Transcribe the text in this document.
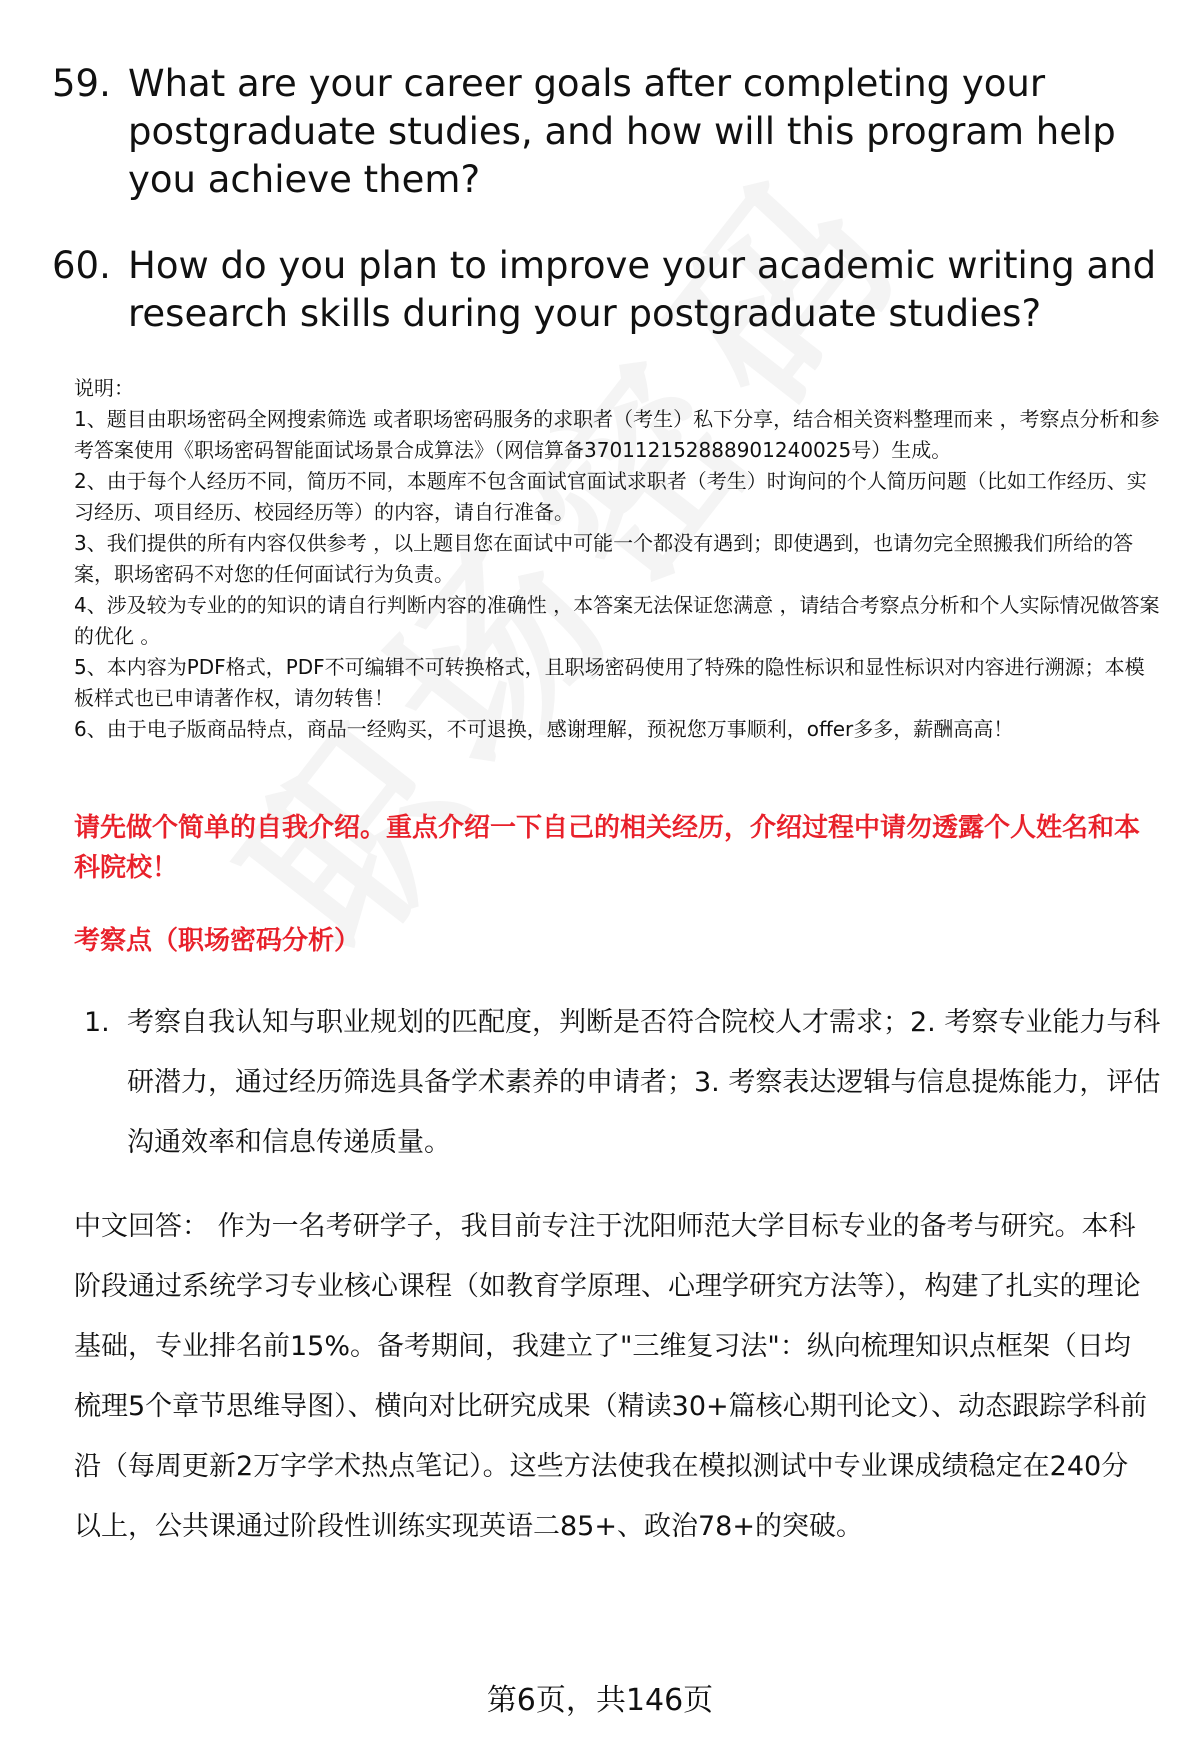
59. What are your career goals after completing your postgraduate studies, and how will this program help you achieve them?
60. How do you plan to improve your academic writing and research skills during your postgraduate studies?

说明：

1、题目由职场密码全网搜索筛选 或者职场密码服务的求职者（考生）私下分享，结合相关资料整理而来 ，考察点分析和参考答案使用《职场密码智能面试场景合成算法》（网信算备370112152888901240025号）生成。

2、由于每个人经历不同，简历不同，本题库不包含面试官面试求职者（考生）时询问的个人简历问题（比如工作经历、实习经历、项目经历、校园经历等）的内容，请自行准备。

3、我们提供的所有内容仅供参考 ，以上题目您在面试中可能一个都没有遇到；即使遇到，也请勿完全照搬我们所给的答案，职场密码不对您的任何面试行为负责。

4、涉及较为专业的的知识的请自行判断内容的准确性 ，本答案无法保证您满意 ，请结合考察点分析和个人实际情况做答案的优化 。

5、本内容为PDF格式，PDF不可编辑不可转换格式，且职场密码使用了特殊的隐性标识和显性标识对内容进行溯源；本模板样式也已申请著作权，请勿转售！

6、由于电子版商品特点，商品一经购买，不可退换，感谢理解，预祝您万事顺利，offer多多，薪酬高高！

请先做个简单的自我介绍。重点介绍一下自己的相关经历，介绍过程中请勿透露个人姓名和本科院校！
考察点（职场密码分析）
1. 考察自我认知与职业规划的匹配度，判断是否符合院校人才需求；2. 考察专业能力与科研潜力，通过经历筛选具备学术素养的申请者；3. 考察表达逻辑与信息提炼能力，评估沟通效率和信息传递质量。
中文回答： 作为一名考研学子，我目前专注于沈阳师范大学目标专业的备考与研究。本科阶段通过系统学习专业核心课程（如教育学原理、心理学研究方法等），构建了扎实的理论基础，专业排名前15%。备考期间，我建立了"三维复习法"：纵向梳理知识点框架（日均梳理5个章节思维导图）、横向对比研究成果（精读30+篇核心期刊论文）、动态跟踪学科前沿（每周更新2万字学术热点笔记）。这些方法使我在模拟测试中专业课成绩稳定在240分以上，公共课通过阶段性训练实现英语二85+、政治78+的突破。
第6页，共146页
